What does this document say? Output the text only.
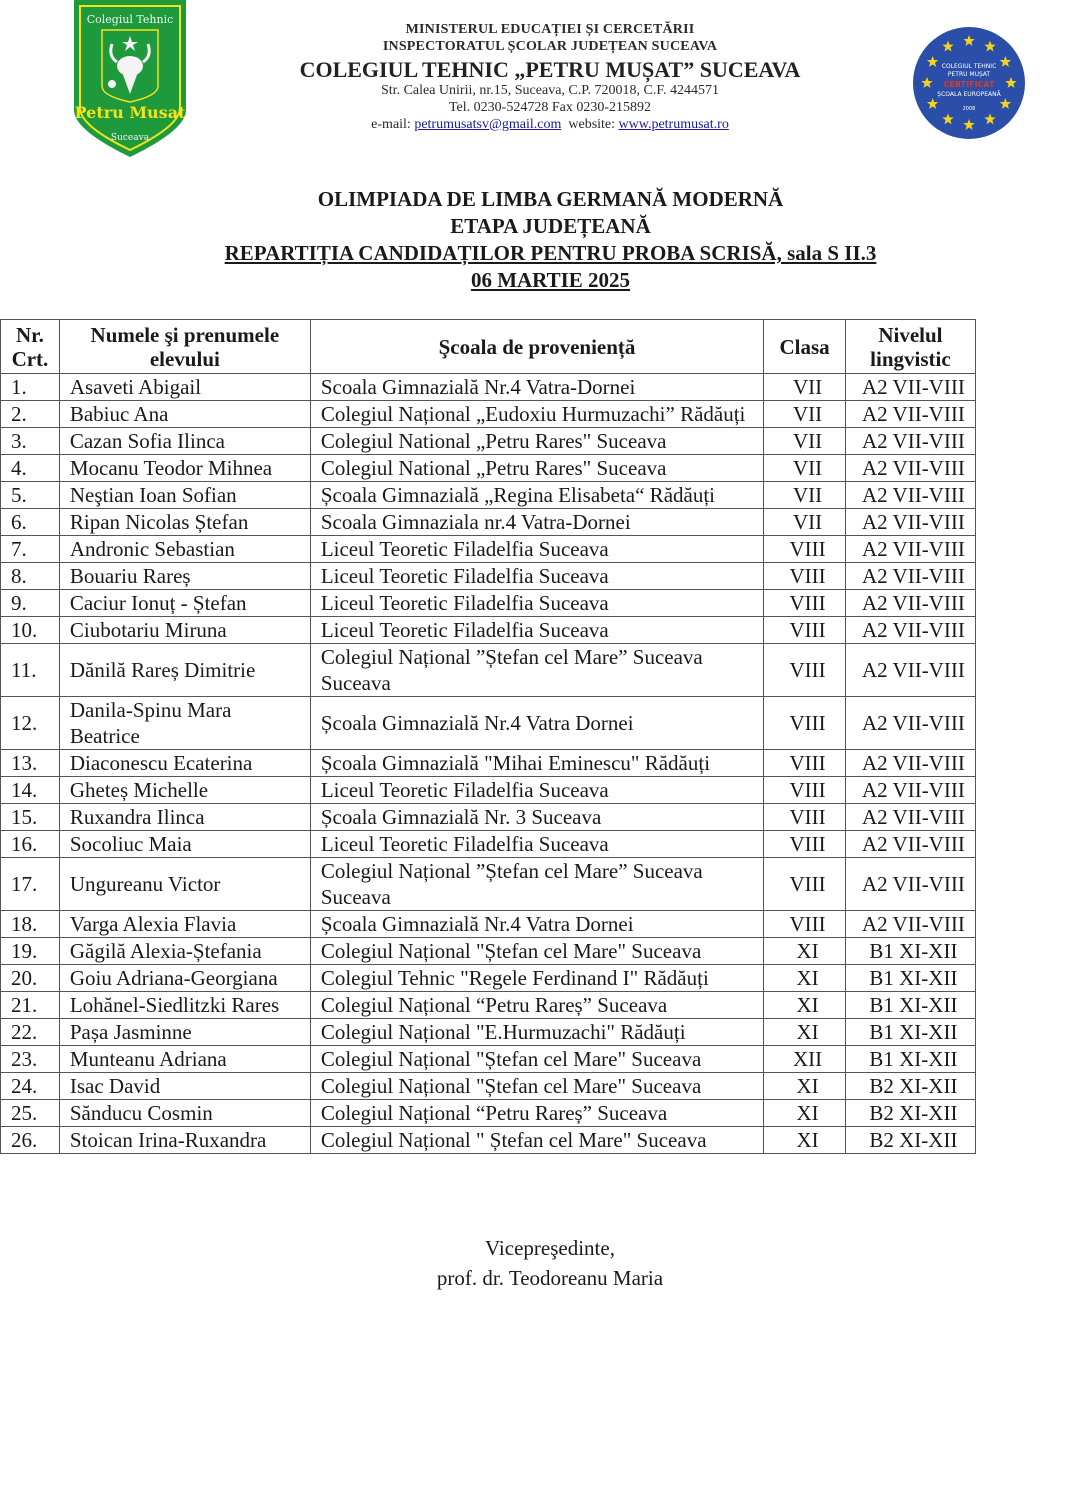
Colegiul Tehnic
Petru Musat
Suceava
MINISTERUL EDUCAȚIEI ȘI CERCETĂRII
INSPECTORATUL ȘCOLAR JUDEȚEAN SUCEAVA
COLEGIUL TEHNIC „PETRU MUȘAT” SUCEAVA
Str. Calea Unirii, nr.15, Suceava, C.P. 720018, C.F. 4244571
Tel. 0230-524728 Fax 0230-215892
e-mail: petrumusatsv@gmail.com website: www.petrumusat.ro
COLEGIUL TEHNIC
PETRU MUȘAT
CERTIFICAT
ȘCOALA EUROPEANĂ
2008
OLIMPIADA DE LIMBA GERMANĂ MODERNĂ
ETAPA JUDEȚEANĂ
REPARTIȚIA CANDIDAȚILOR PENTRU PROBA SCRISĂ, sala S II.3
06 MARTIE 2025
Nr. Crt.	Numele şi prenumele elevului	Şcoala de proveniență	Clasa	Nivelul lingvistic
1.	Asaveti Abigail	Scoala Gimnazială Nr.4 Vatra-Dornei	VII	A2 VII-VIII
2.	Babiuc Ana	Colegiul Național „Eudoxiu Hurmuzachi” Rădăuți	VII	A2 VII-VIII
3.	Cazan Sofia Ilinca	Colegiul National „Petru Rares" Suceava	VII	A2 VII-VIII
4.	Mocanu Teodor Mihnea	Colegiul National „Petru Rares" Suceava	VII	A2 VII-VIII
5.	Neştian Ioan Sofian	Școala Gimnazială „Regina Elisabeta“ Rădăuți	VII	A2 VII-VIII
6.	Ripan Nicolas Ștefan	Scoala Gimnaziala nr.4 Vatra-Dornei	VII	A2 VII-VIII
7.	Andronic Sebastian	Liceul Teoretic Filadelfia Suceava	VIII	A2 VII-VIII
8.	Bouariu Rareș	Liceul Teoretic Filadelfia Suceava	VIII	A2 VII-VIII
9.	Caciur Ionuț - Ștefan	Liceul Teoretic Filadelfia Suceava	VIII	A2 VII-VIII
10.	Ciubotariu Miruna	Liceul Teoretic Filadelfia Suceava	VIII	A2 VII-VIII
11.	Dănilă Rareș Dimitrie	Colegiul Național ”Ștefan cel Mare” Suceava Suceava	VIII	A2 VII-VIII
12.	Danila-Spinu Mara Beatrice	Școala Gimnazială Nr.4 Vatra Dornei	VIII	A2 VII-VIII
13.	Diaconescu Ecaterina	Școala Gimnazială "Mihai Eminescu" Rădăuți	VIII	A2 VII-VIII
14.	Gheteș Michelle	Liceul Teoretic Filadelfia Suceava	VIII	A2 VII-VIII
15.	Ruxandra Ilinca	Școala Gimnazială Nr. 3 Suceava	VIII	A2 VII-VIII
16.	Socoliuc Maia	Liceul Teoretic Filadelfia Suceava	VIII	A2 VII-VIII
17.	Ungureanu Victor	Colegiul Național ”Ștefan cel Mare” Suceava Suceava	VIII	A2 VII-VIII
18.	Varga Alexia Flavia	Școala Gimnazială Nr.4 Vatra Dornei	VIII	A2 VII-VIII
19.	Găgilă Alexia-Ștefania	Colegiul Național "Ștefan cel Mare" Suceava	XI	B1 XI-XII
20.	Goiu Adriana-Georgiana	Colegiul Tehnic "Regele Ferdinand I" Rădăuți	XI	B1 XI-XII
21.	Lohănel-Siedlitzki Rares	Colegiul Național “Petru Rareș” Suceava	XI	B1 XI-XII
22.	Pașa Jasminne	Colegiul Național "E.Hurmuzachi" Rădăuți	XI	B1 XI-XII
23.	Munteanu Adriana	Colegiul Național "Ștefan cel Mare" Suceava	XII	B1 XI-XII
24.	Isac David	Colegiul Național "Ștefan cel Mare" Suceava	XI	B2 XI-XII
25.	Sănducu Cosmin	Colegiul Național “Petru Rareș” Suceava	XI	B2 XI-XII
26.	Stoican Irina-Ruxandra	Colegiul Național " Ștefan cel Mare" Suceava	XI	B2 XI-XII
Vicepreşedinte,
prof. dr. Teodoreanu Maria
